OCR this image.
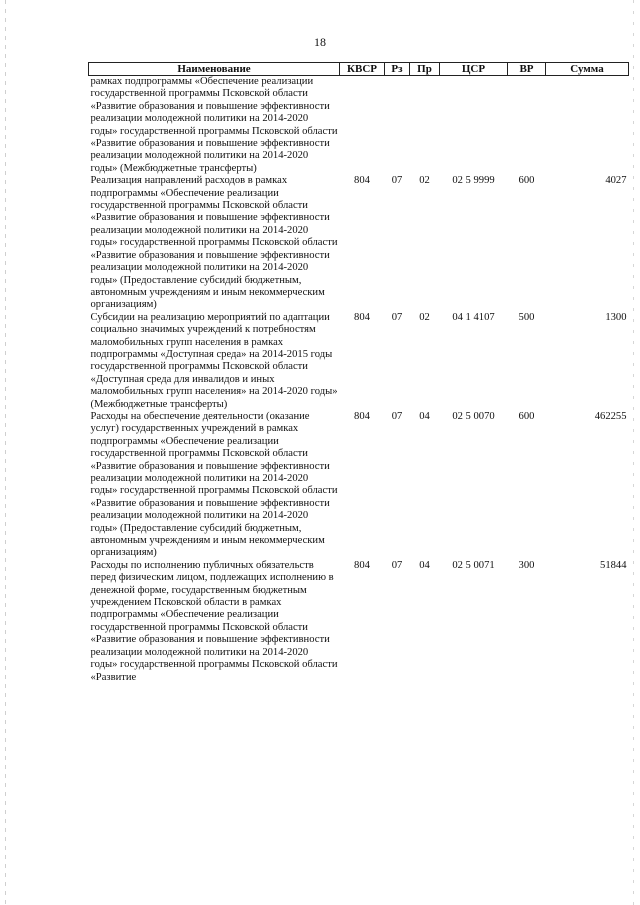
18
Наименование	КВСР	Рз	Пр	ЦСР	ВР	Сумма
рамках подпрограммы «Обеспечение реализации государственной программы Псковской области «Развитие образования и повышение эффективности реализации молодежной политики на 2014-2020 годы» государственной программы Псковской области «Развитие образования и повышение эффективности реализации молодежной политики на 2014-2020 годы» (Межбюджетные трансферты)						
Реализация направлений расходов в рамках подпрограммы «Обеспечение реализации государственной программы Псковской области «Развитие образования и повышение эффективности реализации молодежной политики на 2014-2020 годы» государственной программы Псковской области «Развитие образования и повышение эффективности реализации молодежной политики на 2014-2020 годы» (Предоставление субсидий бюджетным, автономным учреждениям и иным некоммерческим организациям)	804	07	02	02 5 9999	600	4027
Субсидии на реализацию мероприятий по адаптации социально значимых учреждений к потребностям маломобильных групп населения в рамках подпрограммы «Доступная среда» на 2014-2015 годы государственной программы Псковской области «Доступная среда для инвалидов и иных маломобильных групп населения» на 2014-2020 годы» (Межбюджетные трансферты)	804	07	02	04 1 4107	500	1300
Расходы на обеспечение деятельности (оказание услуг) государственных учреждений в рамках подпрограммы «Обеспечение реализации государственной программы Псковской области «Развитие образования и повышение эффективности реализации молодежной политики на 2014-2020 годы» государственной программы Псковской области «Развитие образования и повышение эффективности реализации молодежной политики на 2014-2020 годы» (Предоставление субсидий бюджетным, автономным учреждениям и иным некоммерческим организациям)	804	07	04	02 5 0070	600	462255
Расходы по исполнению публичных обязательств перед физическим лицом, подлежащих исполнению в денежной форме, государственным бюджетным учреждением Псковской области в рамках подпрограммы «Обеспечение реализации государственной программы Псковской области «Развитие образования и повышение эффективности реализации молодежной политики на 2014-2020 годы» государственной программы Псковской области «Развитие	804	07	04	02 5 0071	300	51844
